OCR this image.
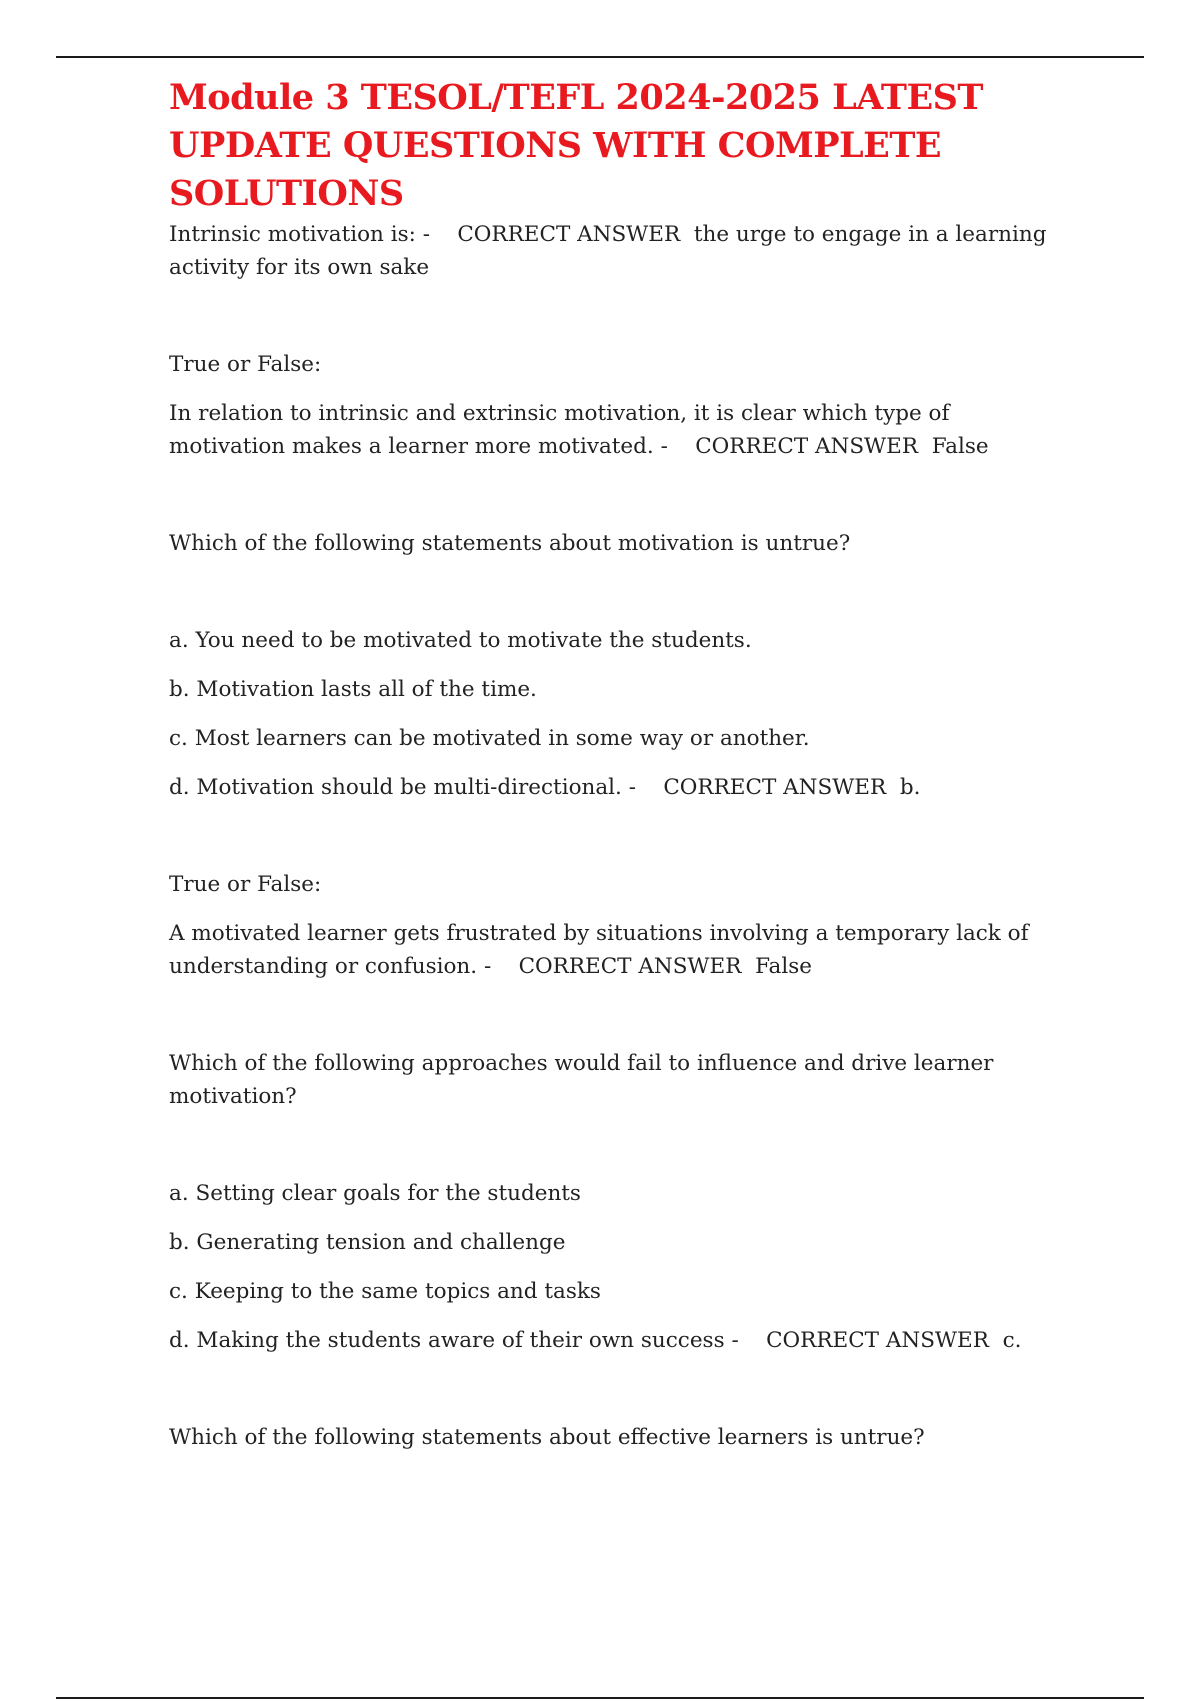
Module 3 TESOL/TEFL 2024-2025 LATEST UPDATE QUESTIONS WITH COMPLETE SOLUTIONS

Intrinsic motivation is: - CORRECT ANSWER the urge to engage in a learning activity for its own sake

True or False:

In relation to intrinsic and extrinsic motivation, it is clear which type of motivation makes a learner more motivated. - CORRECT ANSWER False

Which of the following statements about motivation is untrue?

a. You need to be motivated to motivate the students.

b. Motivation lasts all of the time.

c. Most learners can be motivated in some way or another.

d. Motivation should be multi-directional. - CORRECT ANSWER b.

True or False:

A motivated learner gets frustrated by situations involving a temporary lack of understanding or confusion. - CORRECT ANSWER False

Which of the following approaches would fail to influence and drive learner motivation?

a. Setting clear goals for the students

b. Generating tension and challenge

c. Keeping to the same topics and tasks

d. Making the students aware of their own success - CORRECT ANSWER c.

Which of the following statements about effective learners is untrue?
